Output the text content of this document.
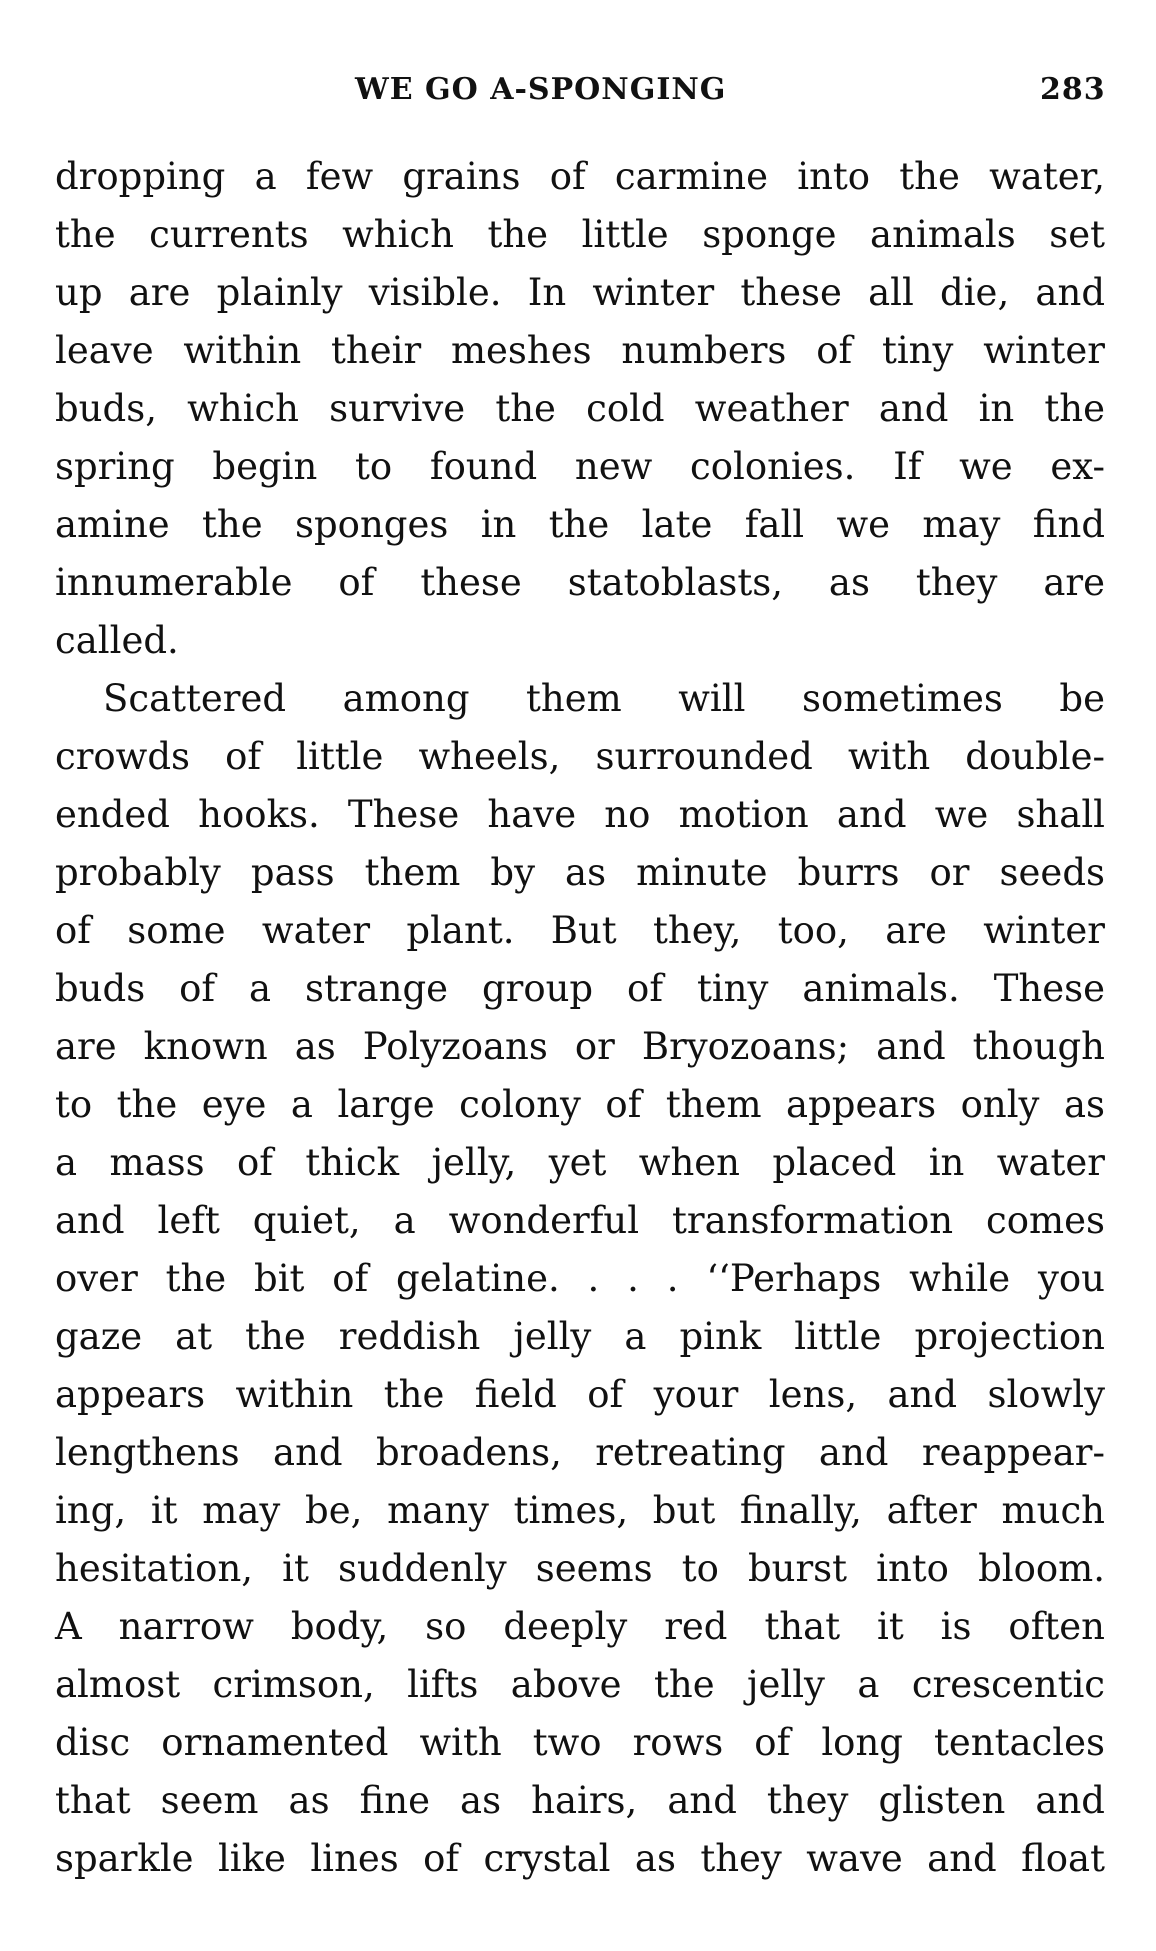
WE GO A-SPONGING	283
dropping a few grains of carmine into the water,
the currents which the little sponge animals set
up are plainly visible. In winter these all die, and
leave within their meshes numbers of tiny winter
buds, which survive the cold weather and in the
spring begin to found new colonies. If we ex-
amine the sponges in the late fall we may find
innumerable of these statoblasts, as they are
called.
Scattered among them will sometimes be
crowds of little wheels, surrounded with double-
ended hooks. These have no motion and we shall
probably pass them by as minute burrs or seeds
of some water plant. But they, too, are winter
buds of a strange group of tiny animals. These
are known as Polyzoans or Bryozoans; and though
to the eye a large colony of them appears only as
a mass of thick jelly, yet when placed in water
and left quiet, a wonderful transformation comes
over the bit of gelatine. . . . ‘‘Perhaps while you
gaze at the reddish jelly a pink little projection
appears within the field of your lens, and slowly
lengthens and broadens, retreating and reappear-
ing, it may be, many times, but finally, after much
hesitation, it suddenly seems to burst into bloom.
A narrow body, so deeply red that it is often
almost crimson, lifts above the jelly a crescentic
disc ornamented with two rows of long tentacles
that seem as fine as hairs, and they glisten and
sparkle like lines of crystal as they wave and float
